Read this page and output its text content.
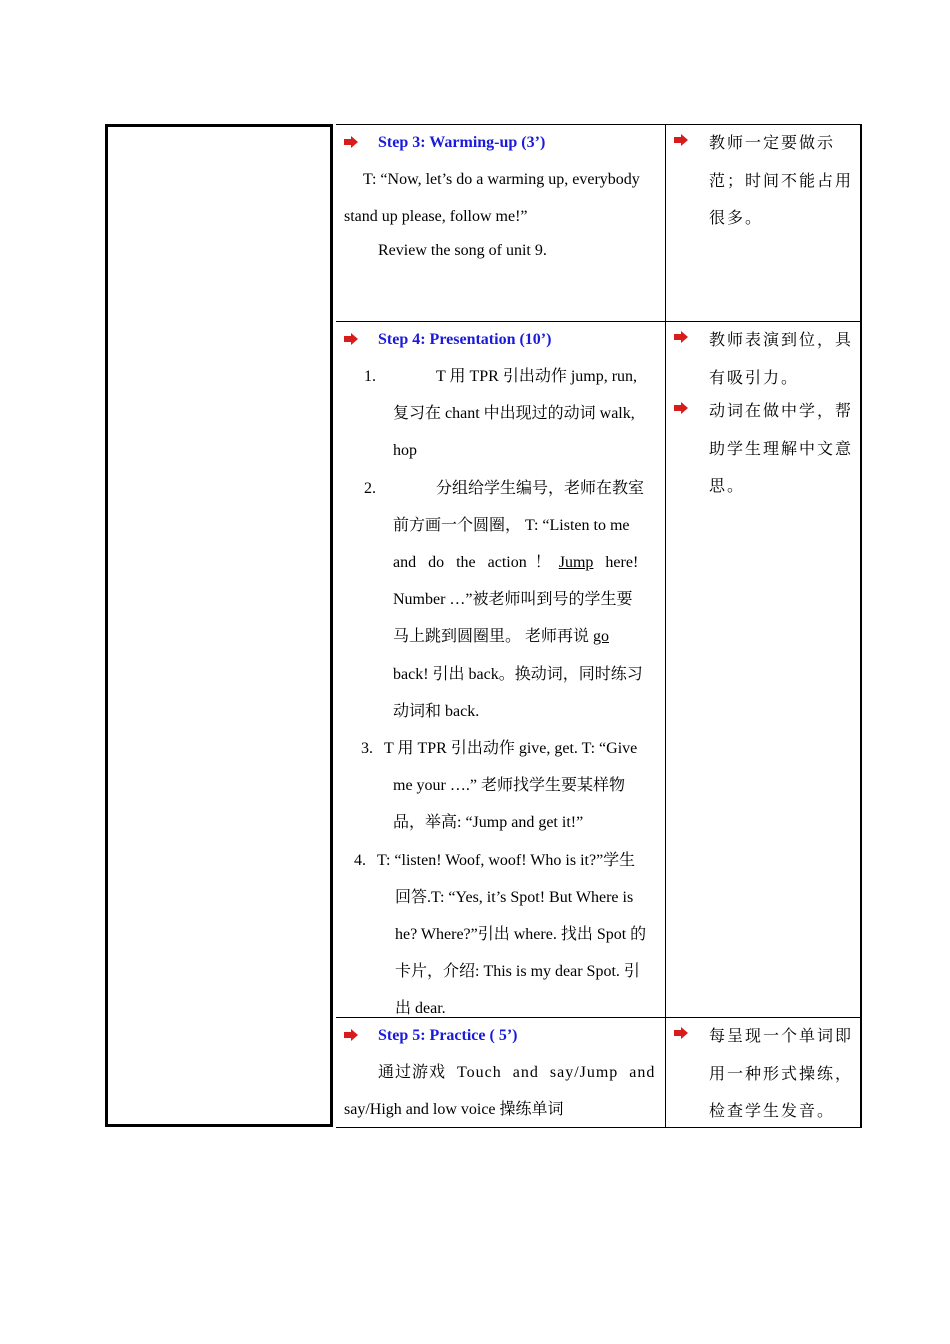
Step 3: Warming-up (3’)
T: “Now, let’s do a warming up, everybody
stand up please, follow me!”
Review the song of unit 9.
教师一定要做示范；时间不能占用很多。
Step 4: Presentation (10’)
1.	T 用 TPR 引出动作 jump, run,
复习在 chant 中出现过的动词 walk,
hop
2.	分组给学生编号，老师在教室
前方画一个圆圈， T: “Listen to me
and   do   the   action  ！  Jump   here!
Number …”被老师叫到号的学生要
马上跳到圆圈里。 老师再说 go
back! 引出 back。换动词，同时练习
动词和 back.
3. T 用 TPR 引出动作 give, get. T: “Give
me your ….” 老师找学生要某样物
品，举高: “Jump and get it!”
4. T: “listen! Woof, woof! Who is it?”学生
回答.T: “Yes, it’s Spot! But Where is
he? Where?”引出 where. 找出 Spot 的
卡片，介绍: This is my dear Spot. 引
出 dear.
教师表演到位，具有吸引力。
动词在做中学，帮助学生理解中文意思。
Step 5: Practice ( 5’)
通过游戏 Touch and say/Jump and
say/High and low voice 操练单词
每呈现一个单词即用一种形式操练，检查学生发音。
